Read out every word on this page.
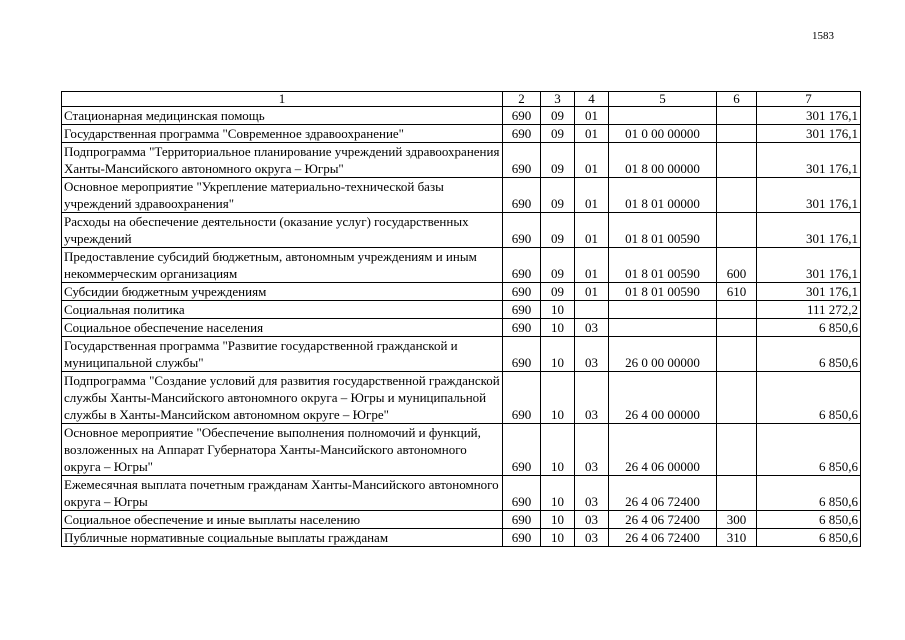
1583
1	2	3	4	5	6	7
Стационарная медицинская помощь	690	09	01			301 176,1
Государственная программа "Современное здравоохранение"	690	09	01	01 0 00 00000		301 176,1
Подпрограмма "Территориальное планирование учреждений здравоохранения Ханты-Мансийского автономного округа – Югры"	690	09	01	01 8 00 00000		301 176,1
Основное мероприятие "Укрепление материально-технической базы учреждений здравоохранения"	690	09	01	01 8 01 00000		301 176,1
Расходы на обеспечение деятельности (оказание услуг) государственных учреждений	690	09	01	01 8 01 00590		301 176,1
Предоставление субсидий бюджетным, автономным учреждениям и иным некоммерческим организациям	690	09	01	01 8 01 00590	600	301 176,1
Субсидии бюджетным учреждениям	690	09	01	01 8 01 00590	610	301 176,1
Социальная политика	690	10				111 272,2
Социальное обеспечение населения	690	10	03			6 850,6
Государственная программа "Развитие государственной гражданской и муниципальной службы"	690	10	03	26 0 00 00000		6 850,6
Подпрограмма "Создание условий для развития государственной гражданской службы Ханты-Мансийского автономного округа – Югры и муниципальной службы в Ханты-Мансийском автономном округе – Югре"	690	10	03	26 4 00 00000		6 850,6
Основное мероприятие "Обеспечение выполнения полномочий и функций, возложенных на Аппарат Губернатора Ханты-Мансийского автономного округа – Югры"	690	10	03	26 4 06 00000		6 850,6
Ежемесячная выплата почетным гражданам Ханты-Мансийского автономного округа – Югры	690	10	03	26 4 06 72400		6 850,6
Социальное обеспечение и иные выплаты населению	690	10	03	26 4 06 72400	300	6 850,6
Публичные нормативные социальные выплаты гражданам	690	10	03	26 4 06 72400	310	6 850,6
